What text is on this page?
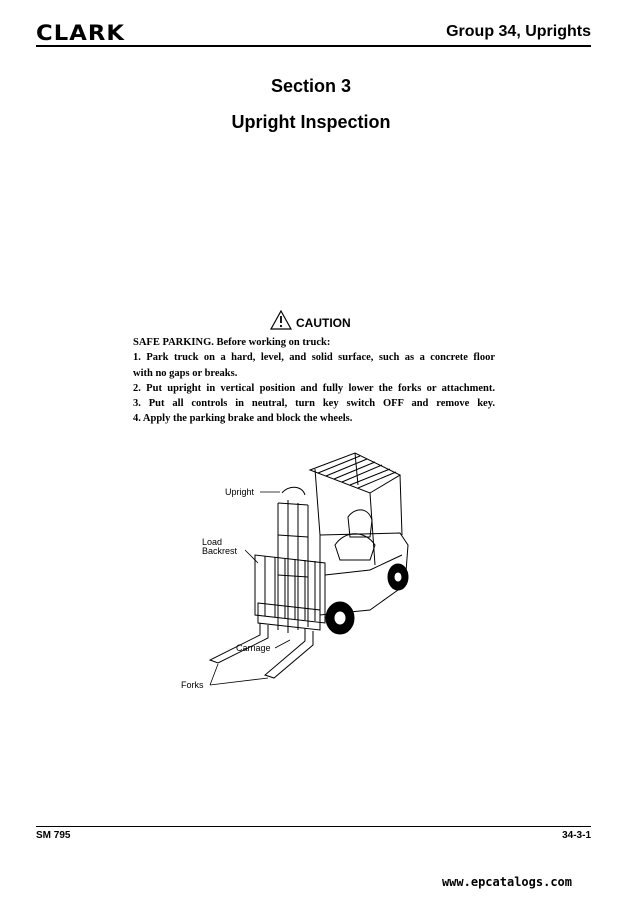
CLARK	Group 34, Uprights
Section 3
Upright Inspection
CAUTION
SAFE PARKING. Before working on truck:
1. Park truck on a hard, level, and solid surface, such as a concrete floor
with no gaps or breaks.
2. Put upright in vertical position and fully lower the forks or attachment.
3. Put all controls in neutral, turn key switch OFF and remove key.
4. Apply the parking brake and block the wheels.
Upright
Load
Backrest
Carriage
Forks
SM 795	34-3-1
www.epcatalogs.com
